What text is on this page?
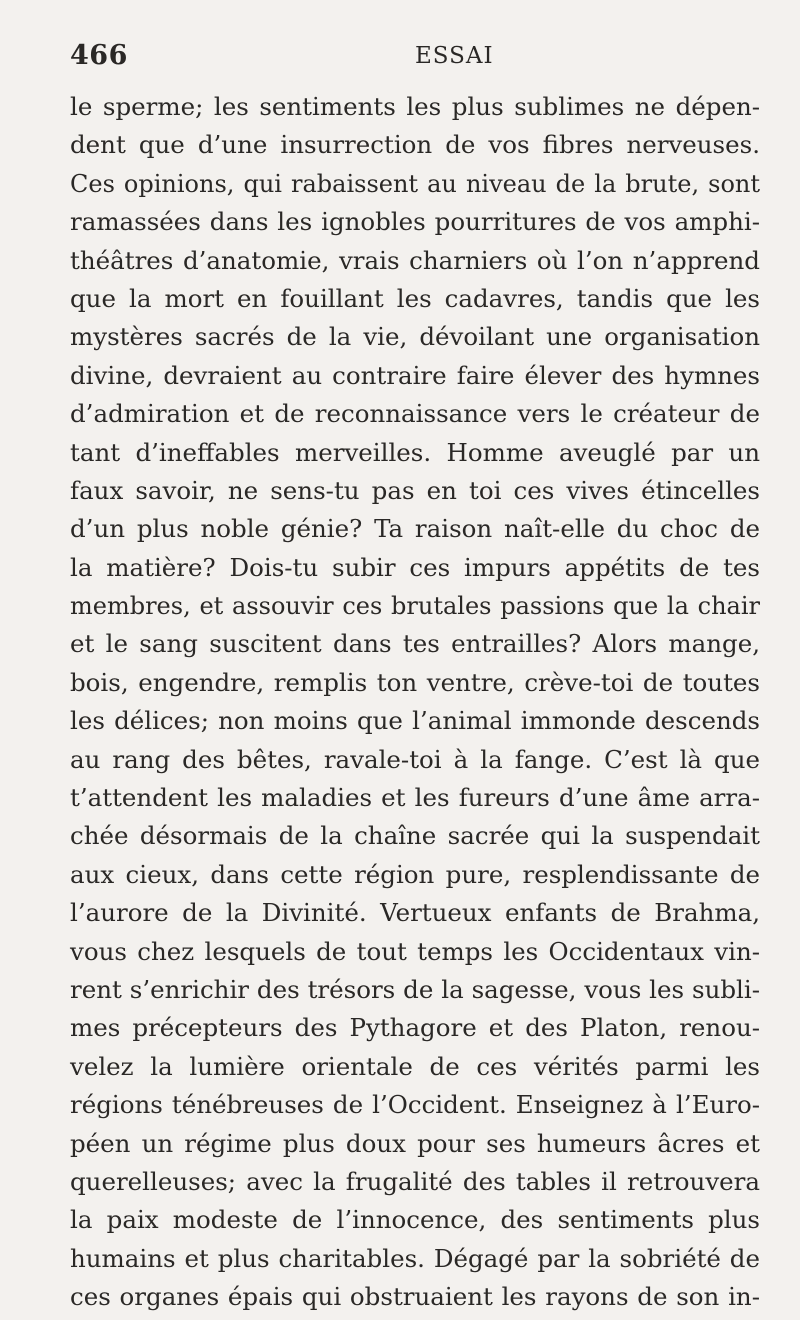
466	ESSAI
le sperme; les sentiments les plus sublimes ne dépen-
dent que d’une insurrection de vos fibres nerveuses.
Ces opinions, qui rabaissent au niveau de la brute, sont
ramassées dans les ignobles pourritures de vos amphi-
théâtres d’anatomie, vrais charniers où l’on n’apprend
que la mort en fouillant les cadavres, tandis que les
mystères sacrés de la vie, dévoilant une organisation
divine, devraient au contraire faire élever des hymnes
d’admiration et de reconnaissance vers le créateur de
tant d’ineffables merveilles. Homme aveuglé par un
faux savoir, ne sens-tu pas en toi ces vives étincelles
d’un plus noble génie? Ta raison naît-elle du choc de
la matière? Dois-tu subir ces impurs appétits de tes
membres, et assouvir ces brutales passions que la chair
et le sang suscitent dans tes entrailles? Alors mange,
bois, engendre, remplis ton ventre, crève-toi de toutes
les délices; non moins que l’animal immonde descends
au rang des bêtes, ravale-toi à la fange. C’est là que
t’attendent les maladies et les fureurs d’une âme arra-
chée désormais de la chaîne sacrée qui la suspendait
aux cieux, dans cette région pure, resplendissante de
l’aurore de la Divinité. Vertueux enfants de Brahma,
vous chez lesquels de tout temps les Occidentaux vin-
rent s’enrichir des trésors de la sagesse, vous les subli-
mes précepteurs des Pythagore et des Platon, renou-
velez la lumière orientale de ces vérités parmi les
régions ténébreuses de l’Occident. Enseignez à l’Euro-
péen un régime plus doux pour ses humeurs âcres et
querelleuses; avec la frugalité des tables il retrouvera
la paix modeste de l’innocence, des sentiments plus
humains et plus charitables. Dégagé par la sobriété de
ces organes épais qui obstruaient les rayons de son in-
